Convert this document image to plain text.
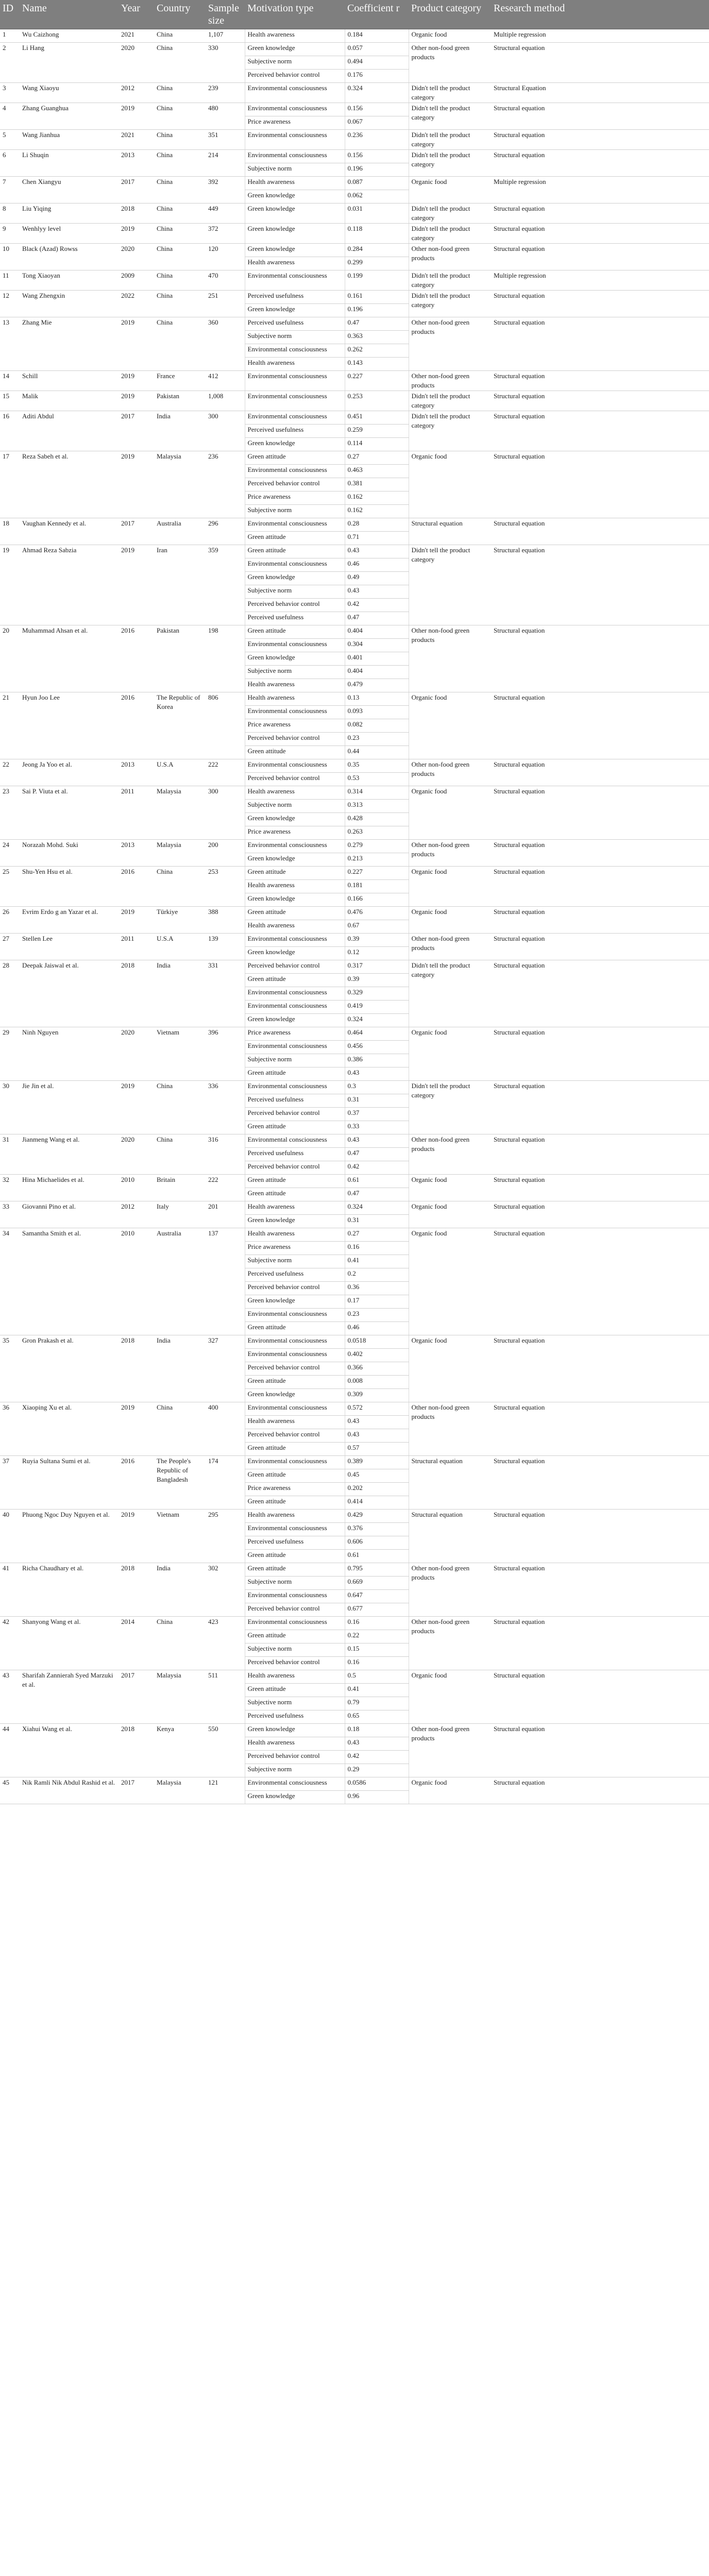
ID	Name	Year	Country	Sample size	Motivation type	Coefficient r	Product category	Research method
1	Wu Caizhong	2021	China	1,107	Health awareness	0.184	Organic food	Multiple regression
2	Li Hang	2020	China	330	Green knowledge	0.057	Other non-food green products	Structural equation
					Subjective norm	0.494		
					Perceived behavior control	0.176		
3	Wang Xiaoyu	2012	China	239	Environmental consciousness	0.324	Didn't tell the product category	Structural Equation
4	Zhang Guanghua	2019	China	480	Environmental consciousness	0.156	Didn't tell the product category	Structural equation
					Price awareness	0.067		
5	Wang Jianhua	2021	China	351	Environmental consciousness	0.236	Didn't tell the product category	Structural equation
6	Li Shuqin	2013	China	214	Environmental consciousness	0.156	Didn't tell the product category	Structural equation
					Subjective norm	0.196		
7	Chen Xiangyu	2017	China	392	Health awareness	0.087	Organic food	Multiple regression
					Green knowledge	0.062		
8	Liu Yiqing	2018	China	449	Green knowledge	0.031	Didn't tell the product category	Structural equation
9	Wenhlyy level	2019	China	372	Green knowledge	0.118	Didn't tell the product category	Structural equation
10	Black (Azad) Rowss	2020	China	120	Green knowledge	0.284	Other non-food green products	Structural equation
					Health awareness	0.299		
11	Tong Xiaoyan	2009	China	470	Environmental consciousness	0.199	Didn't tell the product category	Multiple regression
12	Wang Zhengxin	2022	China	251	Perceived usefulness	0.161	Didn't tell the product category	Structural equation
					Green knowledge	0.196		
13	Zhang Mie	2019	China	360	Perceived usefulness	0.47	Other non-food green products	Structural equation
					Subjective norm	0.363		
					Environmental consciousness	0.262		
					Health awareness	0.143		
14	Schill	2019	France	412	Environmental consciousness	0.227	Other non-food green products	Structural equation
15	Malik	2019	Pakistan	1,008	Environmental consciousness	0.253	Didn't tell the product category	Structural equation
16	Aditi Abdul	2017	India	300	Environmental consciousness	0.451	Didn't tell the product category	Structural equation
					Perceived usefulness	0.259		
					Green knowledge	0.114		
17	Reza Sabeh et al.	2019	Malaysia	236	Green attitude	0.27	Organic food	Structural equation
					Environmental consciousness	0.463		
					Perceived behavior control	0.381		
					Price awareness	0.162		
					Subjective norm	0.162		
18	Vaughan Kennedy et al.	2017	Australia	296	Environmental consciousness	0.28	Structural equation	Structural equation
					Green attitude	0.71		
19	Ahmad Reza Sabzia	2019	Iran	359	Green attitude	0.43	Didn't tell the product category	Structural equation
					Environmental consciousness	0.46		
					Green knowledge	0.49		
					Subjective norm	0.43		
					Perceived behavior control	0.42		
					Perceived usefulness	0.47		
20	Muhammad Ahsan et al.	2016	Pakistan	198	Green attitude	0.404	Other non-food green products	Structural equation
					Environmental consciousness	0.304		
					Green knowledge	0.401		
					Subjective norm	0.404		
					Health awareness	0.479		
21	Hyun Joo Lee	2016	The Republic of Korea	806	Health awareness	0.13	Organic food	Structural equation
					Environmental consciousness	0.093		
					Price awareness	0.082		
					Perceived behavior control	0.23		
					Green attitude	0.44		
22	Jeong Ja Yoo et al.	2013	U.S.A	222	Environmental consciousness	0.35	Other non-food green products	Structural equation
					Perceived behavior control	0.53		
23	Sai P. Viuta et al.	2011	Malaysia	300	Health awareness	0.314	Organic food	Structural equation
					Subjective norm	0.313		
					Green knowledge	0.428		
					Price awareness	0.263		
24	Norazah Mohd. Suki	2013	Malaysia	200	Environmental consciousness	0.279	Other non-food green products	Structural equation
					Green knowledge	0.213		
25	Shu-Yen Hsu et al.	2016	China	253	Green attitude	0.227	Organic food	Structural equation
					Health awareness	0.181		
					Green knowledge	0.166		
26	Evrim Erdo g an Yazar et al.	2019	Türkiye	388	Green attitude	0.476	Organic food	Structural equation
					Health awareness	0.67		
27	Stellen Lee	2011	U.S.A	139	Environmental consciousness	0.39	Other non-food green products	Structural equation
					Green knowledge	0.12		
28	Deepak Jaiswal et al.	2018	India	331	Perceived behavior control	0.317	Didn't tell the product category	Structural equation
					Green attitude	0.39		
					Environmental consciousness	0.329		
					Environmental consciousness	0.419		
					Green knowledge	0.324		
29	Ninh Nguyen	2020	Vietnam	396	Price awareness	0.464	Organic food	Structural equation
					Environmental consciousness	0.456		
					Subjective norm	0.386		
					Green attitude	0.43		
30	Jie Jin et al.	2019	China	336	Environmental consciousness	0.3	Didn't tell the product category	Structural equation
					Perceived usefulness	0.31		
					Perceived behavior control	0.37		
					Green attitude	0.33		
31	Jianmeng Wang et al.	2020	China	316	Environmental consciousness	0.43	Other non-food green products	Structural equation
					Perceived usefulness	0.47		
					Perceived behavior control	0.42		
32	Hina Michaelides et al.	2010	Britain	222	Green attitude	0.61	Organic food	Structural equation
					Green attitude	0.47		
33	Giovanni Pino et al.	2012	Italy	201	Health awareness	0.324	Organic food	Structural equation
					Green knowledge	0.31		
34	Samantha Smith et al.	2010	Australia	137	Health awareness	0.27	Organic food	Structural equation
					Price awareness	0.16		
					Subjective norm	0.41		
					Perceived usefulness	0.2		
					Perceived behavior control	0.36		
					Green knowledge	0.17		
					Environmental consciousness	0.23		
					Green attitude	0.46		
35	Gron Prakash et al.	2018	India	327	Environmental consciousness	0.0518	Organic food	Structural equation
					Environmental consciousness	0.402		
					Perceived behavior control	0.366		
					Green attitude	0.008		
					Green knowledge	0.309		
36	Xiaoping Xu et al.	2019	China	400	Environmental consciousness	0.572	Other non-food green products	Structural equation
					Health awareness	0.43		
					Perceived behavior control	0.43		
					Green attitude	0.57		
37	Ruyia Sultana Sumi et al.	2016	The People's Republic of Bangladesh	174	Environmental consciousness	0.389	Structural equation	Structural equation
					Green attitude	0.45		
					Price awareness	0.202		
					Green attitude	0.414		
40	Phuong Ngoc Duy Nguyen et al.	2019	Vietnam	295	Health awareness	0.429	Structural equation	Structural equation
					Environmental consciousness	0.376		
					Perceived usefulness	0.606		
					Green attitude	0.61		
41	Richa Chaudhary et al.	2018	India	302	Green attitude	0.795	Other non-food green products	Structural equation
					Subjective norm	0.669		
					Environmental consciousness	0.647		
					Perceived behavior control	0.677		
42	Shanyong Wang et al.	2014	China	423	Environmental consciousness	0.16	Other non-food green products	Structural equation
					Green attitude	0.22		
					Subjective norm	0.15		
					Perceived behavior control	0.16		
43	Sharifah Zannierah Syed Marzuki et al.	2017	Malaysia	511	Health awareness	0.5	Organic food	Structural equation
					Green attitude	0.41		
					Subjective norm	0.79		
					Perceived usefulness	0.65		
44	Xiahui Wang et al.	2018	Kenya	550	Green knowledge	0.18	Other non-food green products	Structural equation
					Health awareness	0.43		
					Perceived behavior control	0.42		
					Subjective norm	0.29		
45	Nik Ramli Nik Abdul Rashid et al.	2017	Malaysia	121	Environmental consciousness	0.0586	Organic food	Structural equation
					Green knowledge	0.96		
